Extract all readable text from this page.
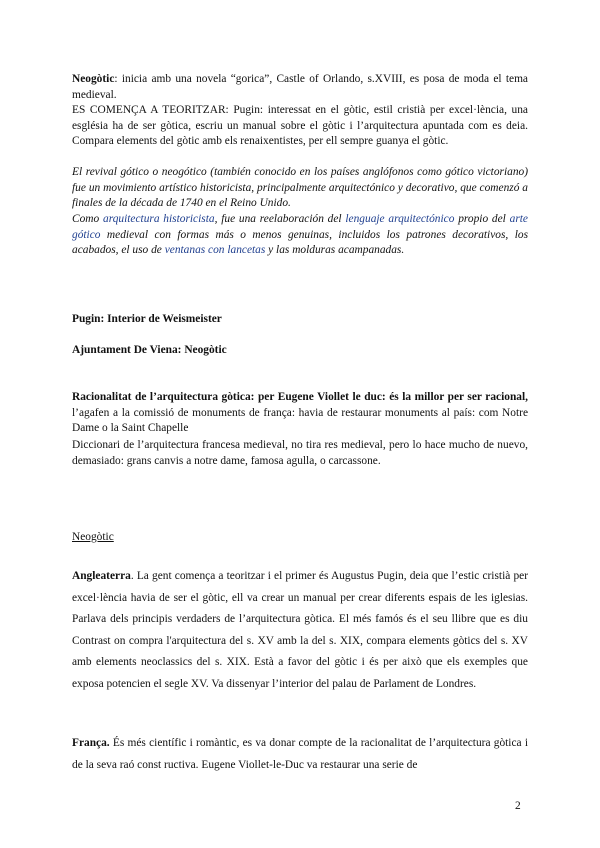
Neogòtic: inicia amb una novela “gorica”, Castle of Orlando, s.XVIII, es posa de moda el tema medieval.
ES COMENÇA A TEORITZAR: Pugin: interessat en el gòtic, estil cristià per excel·lència, una església ha de ser gòtica, escriu un manual sobre el gòtic i l’arquitectura apuntada com es deia. Compara elements del gòtic amb els renaixentistes, per ell sempre guanya el gòtic.
El revival gótico o neogótico (también conocido en los países anglófonos como gótico victoriano) fue un movimiento artístico historicista, principalmente arquitectónico y decorativo, que comenzó a finales de la década de 1740 en el Reino Unido.
Como arquitectura historicista, fue una reelaboración del lenguaje arquitectónico propio del arte gótico medieval con formas más o menos genuinas, incluidos los patrones decorativos, los acabados, el uso de ventanas con lancetas y las molduras acampanadas.
Pugin: Interior de Weismeister
Ajuntament De Viena: Neogòtic
Racionalitat de l’arquitectura gòtica: per Eugene Viollet le duc: és la millor per ser racional, l’agafen a la comissió de monuments de frança: havia de restaurar monuments al país: com Notre Dame o la Saint Chapelle
Diccionari de l’arquitectura francesa medieval, no tira res medieval, pero lo hace mucho de nuevo, demasiado: grans canvis a notre dame, famosa agulla, o carcassone.
Neogòtic
Angleaterra. La gent comença a teoritzar i el primer és Augustus Pugin, deia que l’estic cristià per excel·lència havia de ser el gòtic, ell va crear un manual per crear diferents espais de les iglesias. Parlava dels principis verdaders de l’arquitectura gòtica. El més famós és el seu llibre que es diu Contrast on compra l'arquitectura del s. XV amb la del s. XIX, compara elements gòtics del s. XV amb elements neoclassics del s. XIX. Està a favor del gòtic i és per això que els exemples que exposa potencien el segle XV. Va dissenyar l’interior del palau de Parlament de Londres.
França. És més científic i romàntic, es va donar compte de la racionalitat de l’arquitectura gòtica i de la seva raó const ructiva. Eugene Viollet-le-Duc va restaurar una serie de
2
